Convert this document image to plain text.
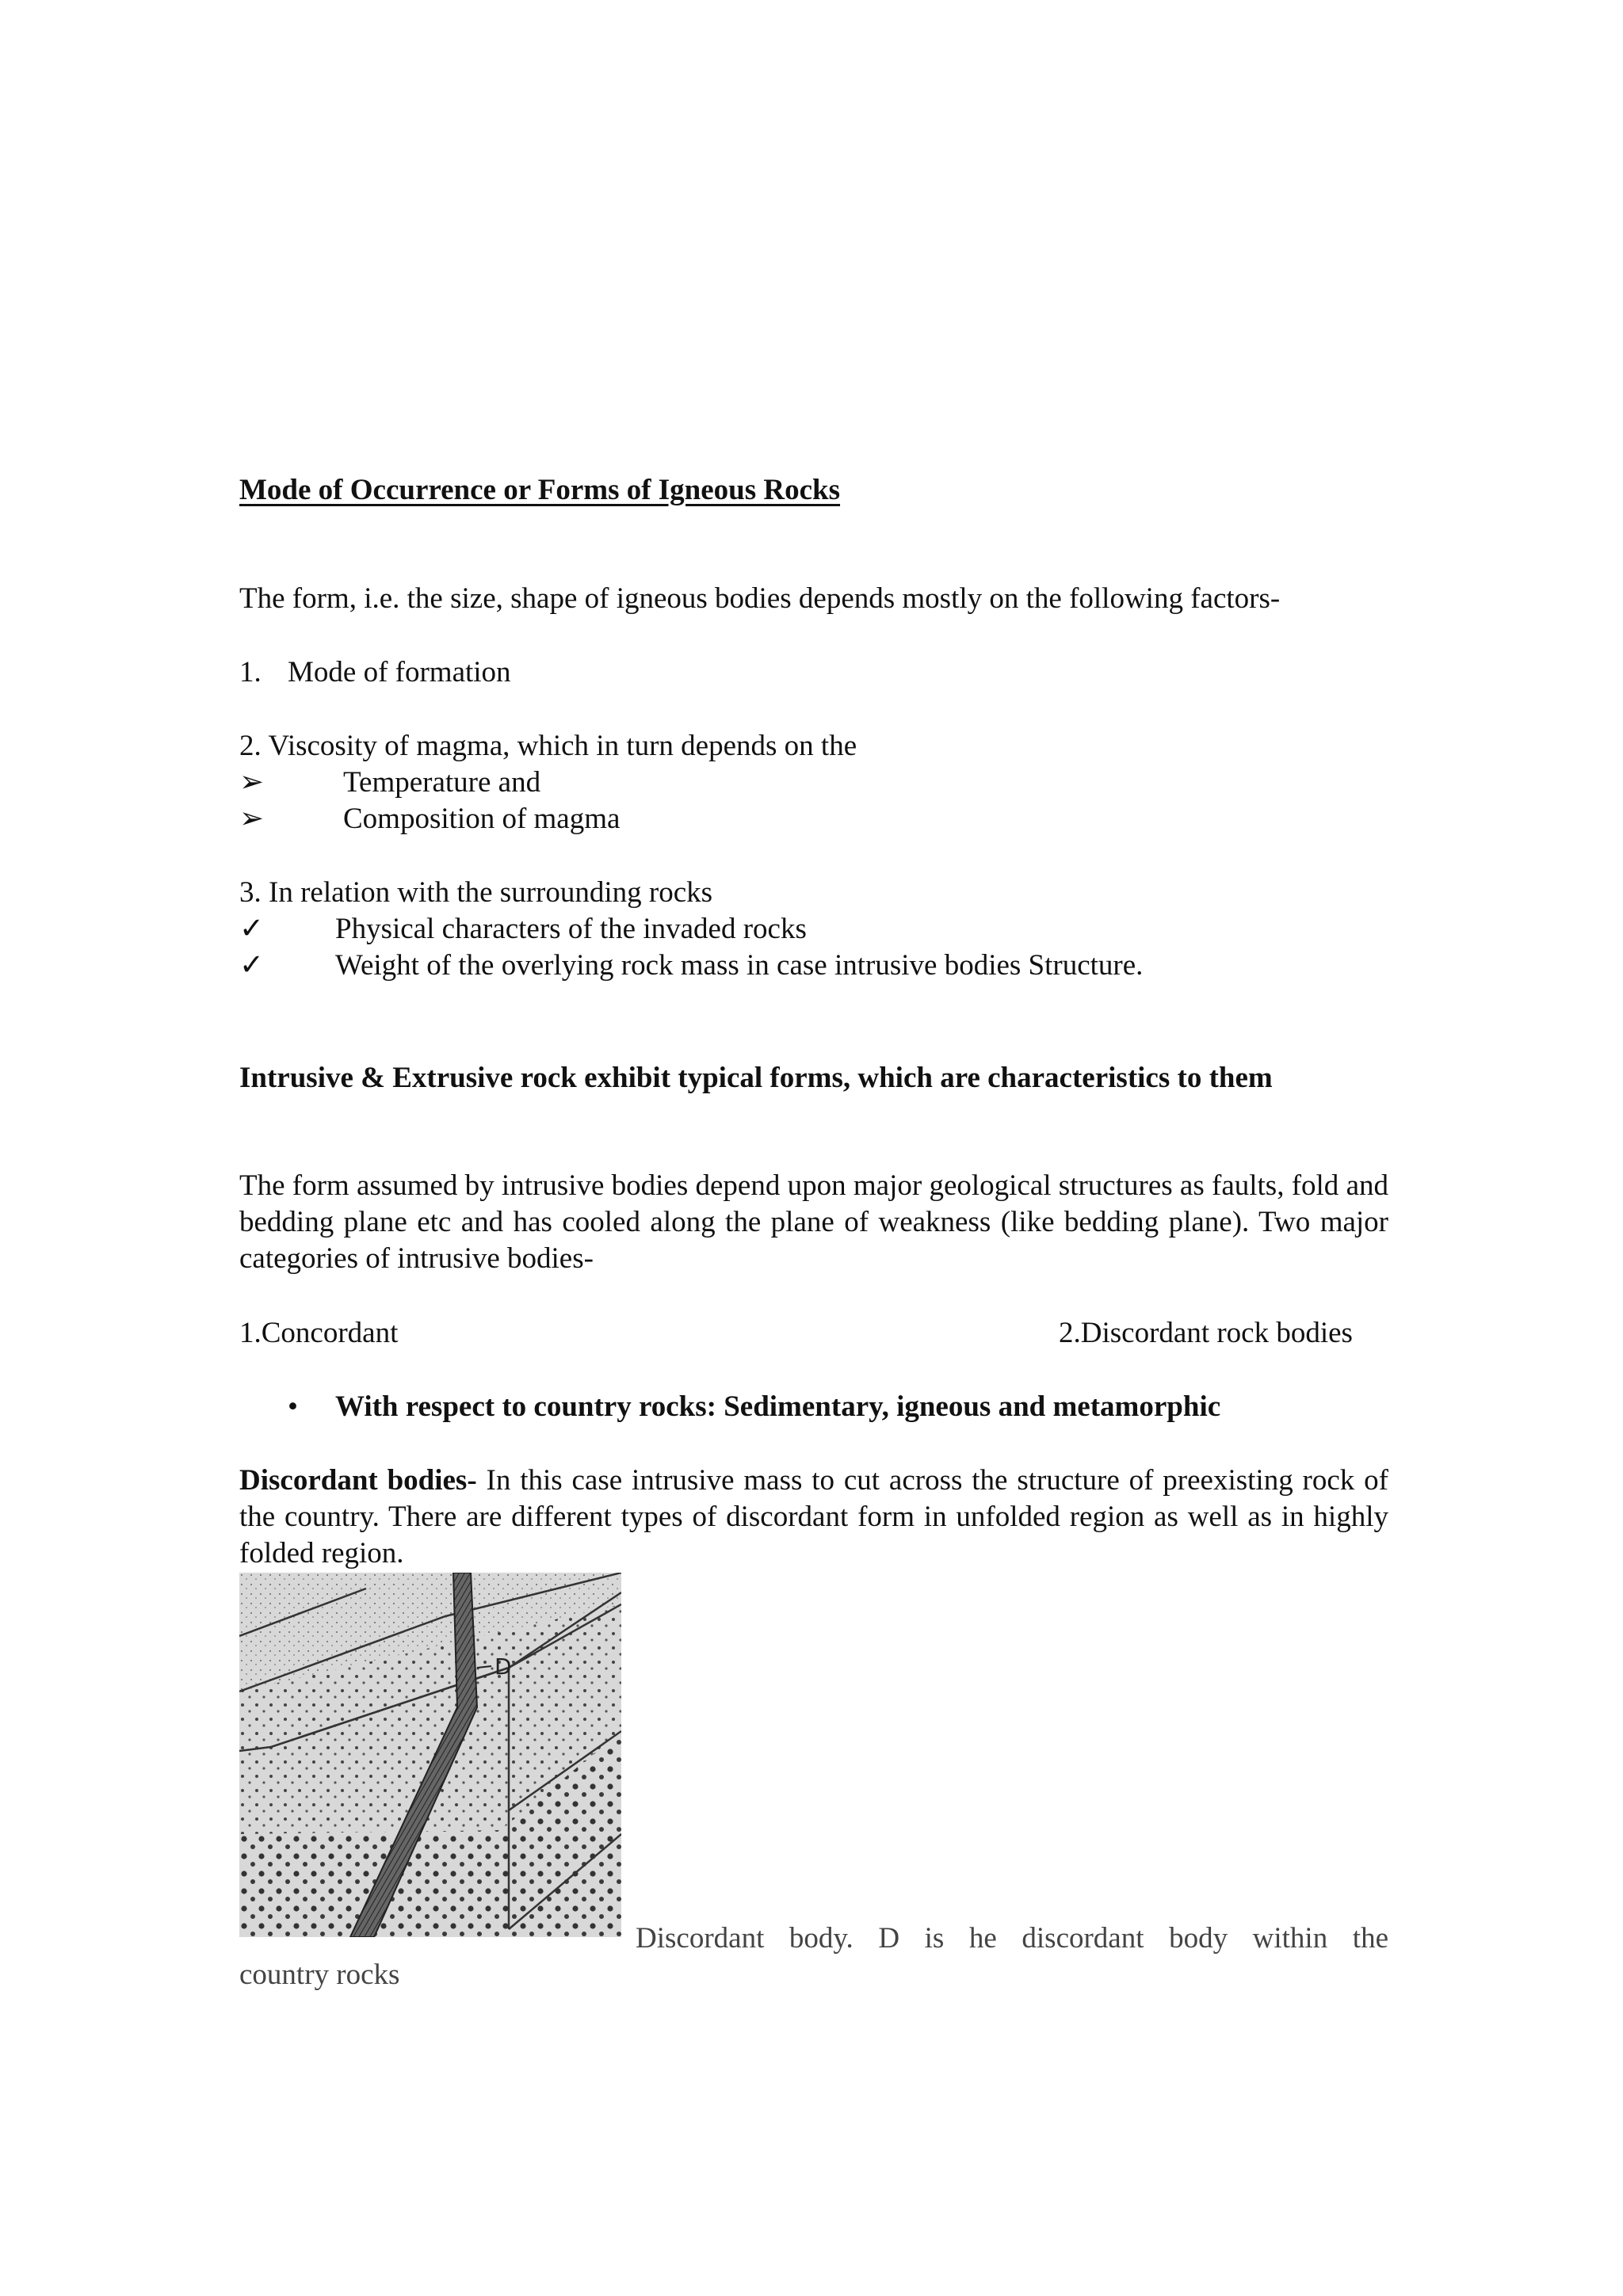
Mode of Occurrence or Forms of Igneous Rocks
The form, i.e. the size, shape of igneous bodies depends mostly on the following factors-
1. Mode of formation
2. Viscosity of magma, which in turn depends on the
➢	Temperature and
➢	Composition of magma
3. In relation with the surrounding rocks
✓ Physical characters of the invaded rocks
✓ Weight of the overlying rock mass in case intrusive bodies Structure.
Intrusive & Extrusive rock exhibit typical forms, which are characteristics to them
The form assumed by intrusive bodies depend upon major geological structures as faults, fold and bedding plane etc and has cooled along the plane of weakness (like bedding plane). Two major categories of intrusive bodies-
1.Concordant	2.Discordant rock bodies
• With respect to country rocks: Sedimentary, igneous and metamorphic
Discordant bodies- In this case intrusive mass to cut across the structure of preexisting rock of the country. There are different types of discordant form in unfolded region as well as in highly folded region.
D
Discordant body. D is he discordant body within the
country rocks
